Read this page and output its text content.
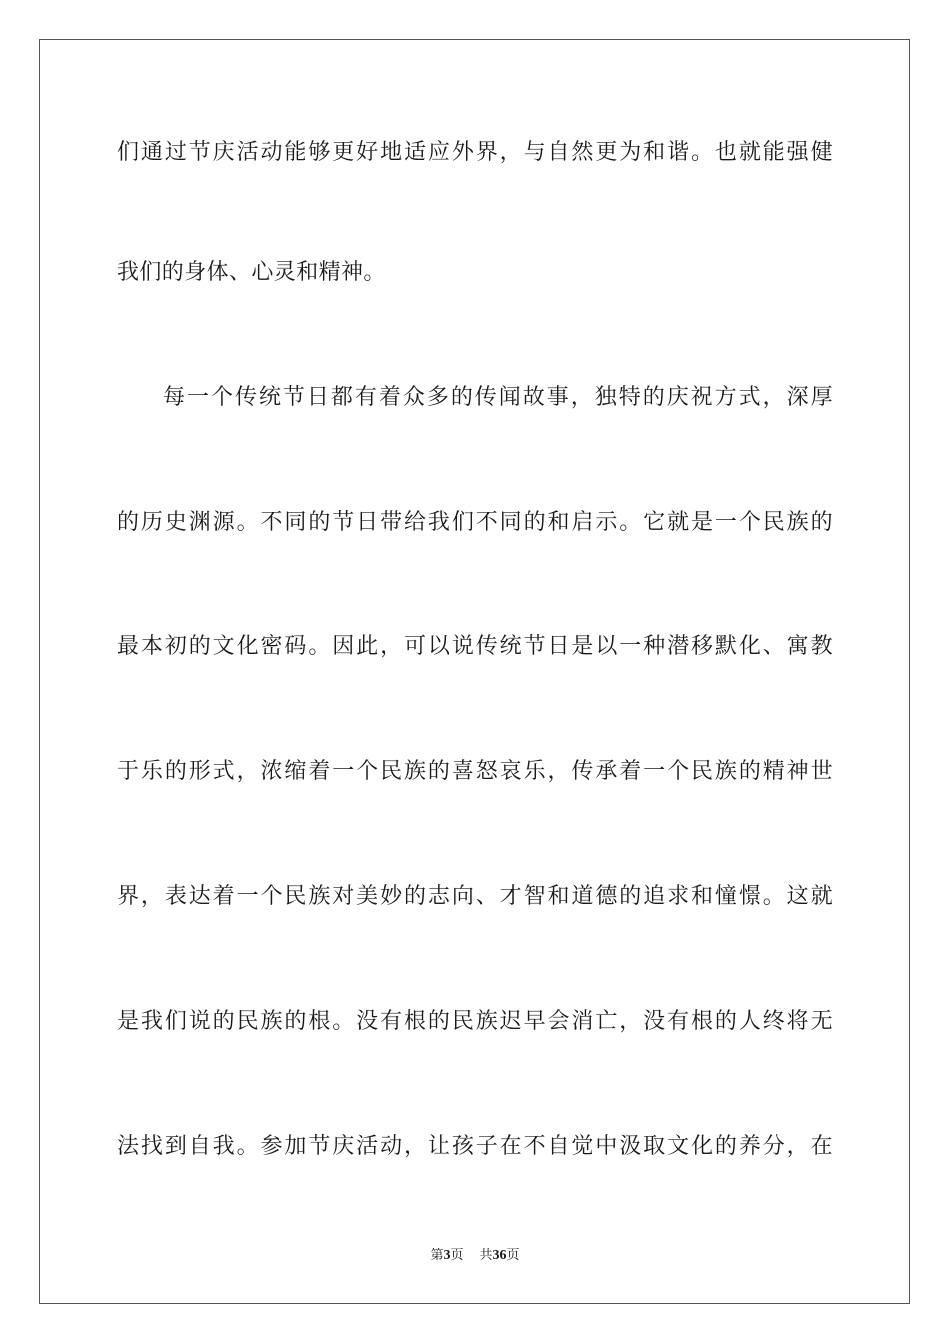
们通过节庆活动能够更好地适应外界，与自然更为和谐。也就能强健
我们的身体、心灵和精神。
每一个传统节日都有着众多的传闻故事，独特的庆祝方式，深厚
的历史渊源。不同的节日带给我们不同的和启示。它就是一个民族的
最本初的文化密码。因此，可以说传统节日是以一种潜移默化、寓教
于乐的形式，浓缩着一个民族的喜怒哀乐，传承着一个民族的精神世
界，表达着一个民族对美妙的志向、才智和道德的追求和憧憬。这就
是我们说的民族的根。没有根的民族迟早会消亡，没有根的人终将无
法找到自我。参加节庆活动，让孩子在不自觉中汲取文化的养分，在
第3页 共36页
